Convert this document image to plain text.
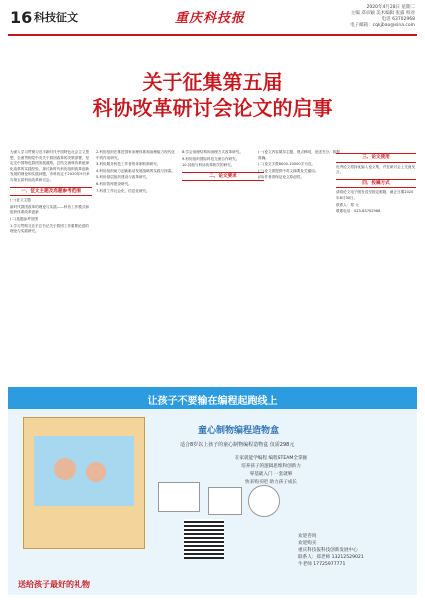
16 科技征文	重庆科技报
2020年4月28日 星期二
主编 邓卓颖 美术编辑 张露 校对
电话 63702968
电子邮箱：cqkjbao@sina.com
关于征集第五届
科协改革研讨会论文的启事

为深入学习贯彻习近平新时代中国特色社会主义思想，全面贯彻党中央关于群团改革的决策部署，坚定走中国特色群团发展道路，总结交流科协系统深化改革的实践经验，探讨新时代科协组织改革创新发展的理论和实践问题，市科协定于2020年9月举办第五届科协改革研讨会。

一、征文主题及选题参考范围

(一)征文主题

新时代群团改革的理论与实践——科协工作模式和组织体系改革创新

(二)选题参考范围

1.学习贯彻习近平总书记关于群团工作重要论述的理论与实践研究。

2.科协组织在推进国家治理体系和治理能力现代化中的作用研究。

3.科协服务科技工作者的体制机制研究。

4.科协组织助力创新驱动发展战略的实践与探索。

5.科协基层组织建设与改革研究。

6.科协智库建设研究。

7.科普工作社会化、信息化研究。

8.学会治理结构和治理方式改革研究。

9.科协组织国际科技交流合作研究。

10.其他与科协改革相关的研究。

二、论文要求

(一)论文内容紧扣主题，观点鲜明，论述充分，数据准确。

(二)论文字数8000-10000字为宜。

(三)论文需提供中英文摘要及关键词。

(四)作者须保证论文原创性。

三、论文使用

优秀论文将择优编入论文集，并在研讨会上交流发言。

四、投稿方式

请将论文电子版发送至指定邮箱，截止日期2020年8月30日。

联系人：郑 元

联系电话：023-63702968

让孩子不要输在编程起跑线上
童心制物编程造物盒
适合8岁以上孩子的童心制物编程造物盒 仅需298元
在家就能学编程 编程STEAM全掌握
培养孩子的逻辑思维和创新力
零基础入门 一套就够
快来购买吧 助力孩子成长
欢迎咨询
欢迎购买
重庆科技报科技创新发展中心
联系人：郑老师 13212529021
牛老师 17725977771
送给孩子最好的礼物
